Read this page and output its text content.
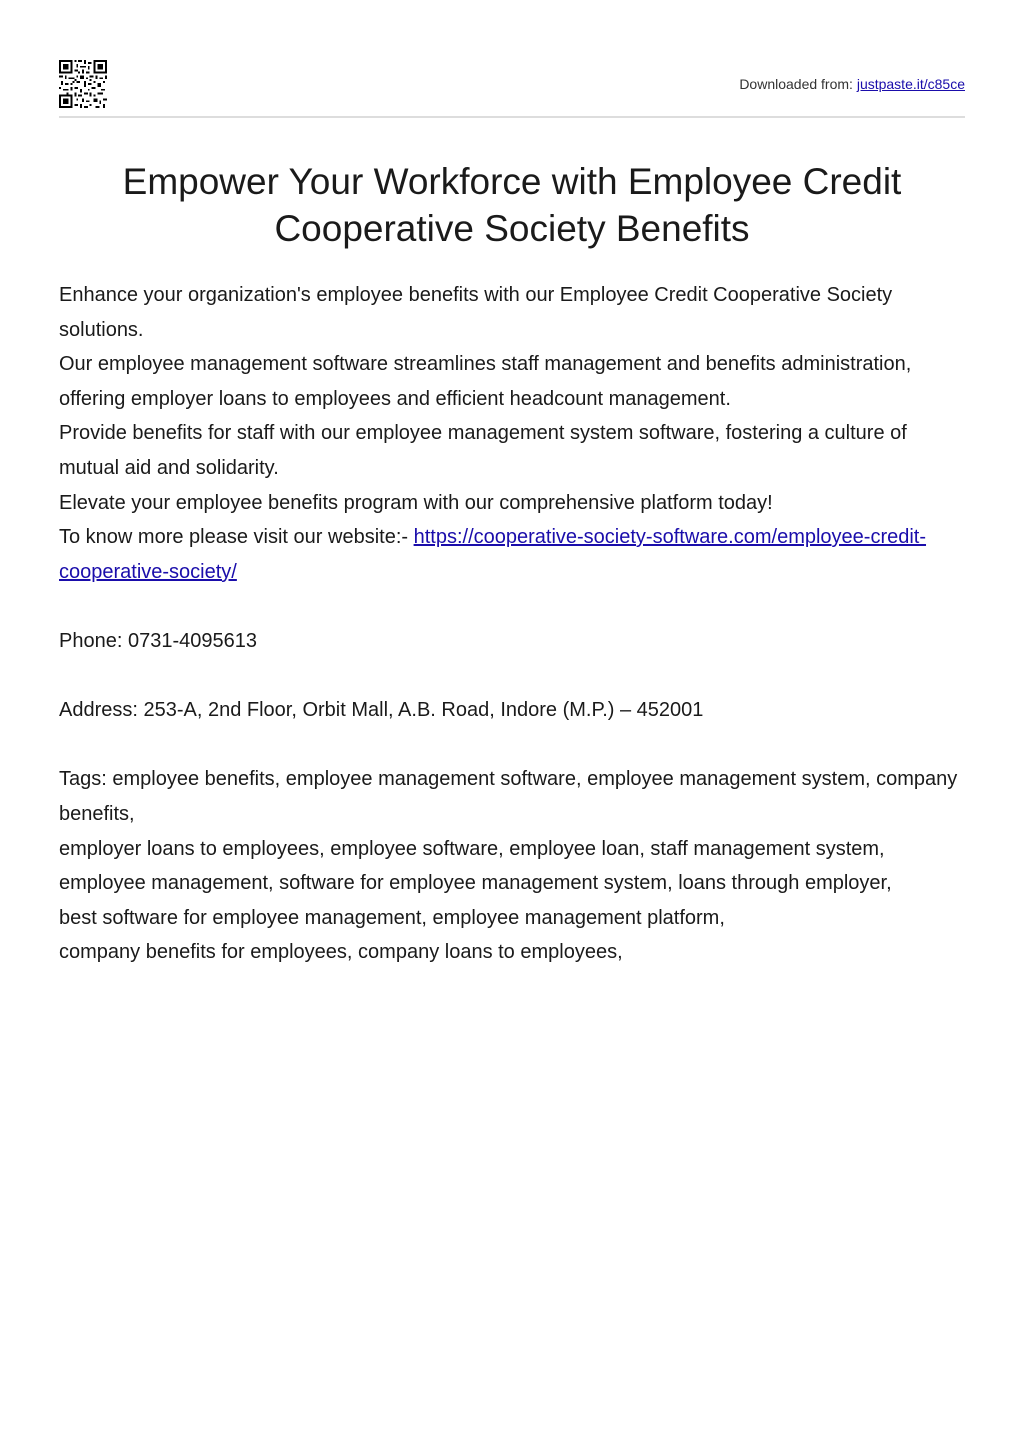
Downloaded from: justpaste.it/c85ce
Empower Your Workforce with Employee Credit
Cooperative Society Benefits

Enhance your organization's employee benefits with our Employee Credit Cooperative Society solutions.

Our employee management software streamlines staff management and benefits administration, offering employer loans to employees and efficient headcount management.

Provide benefits for staff with our employee management system software, fostering a culture of mutual aid and solidarity.

Elevate your employee benefits program with our comprehensive platform today!

To know more please visit our website:- https://cooperative-society-software.com/employee-credit-cooperative-society/

Phone: 0731-4095613

Address: 253-A, 2nd Floor, Orbit Mall, A.B. Road, Indore (M.P.) – 452001

Tags: employee benefits, employee management software, employee management system, company benefits,

employer loans to employees, employee software, employee loan, staff management system,

employee management, software for employee management system, loans through employer,

best software for employee management, employee management platform,

company benefits for employees, company loans to employees,
